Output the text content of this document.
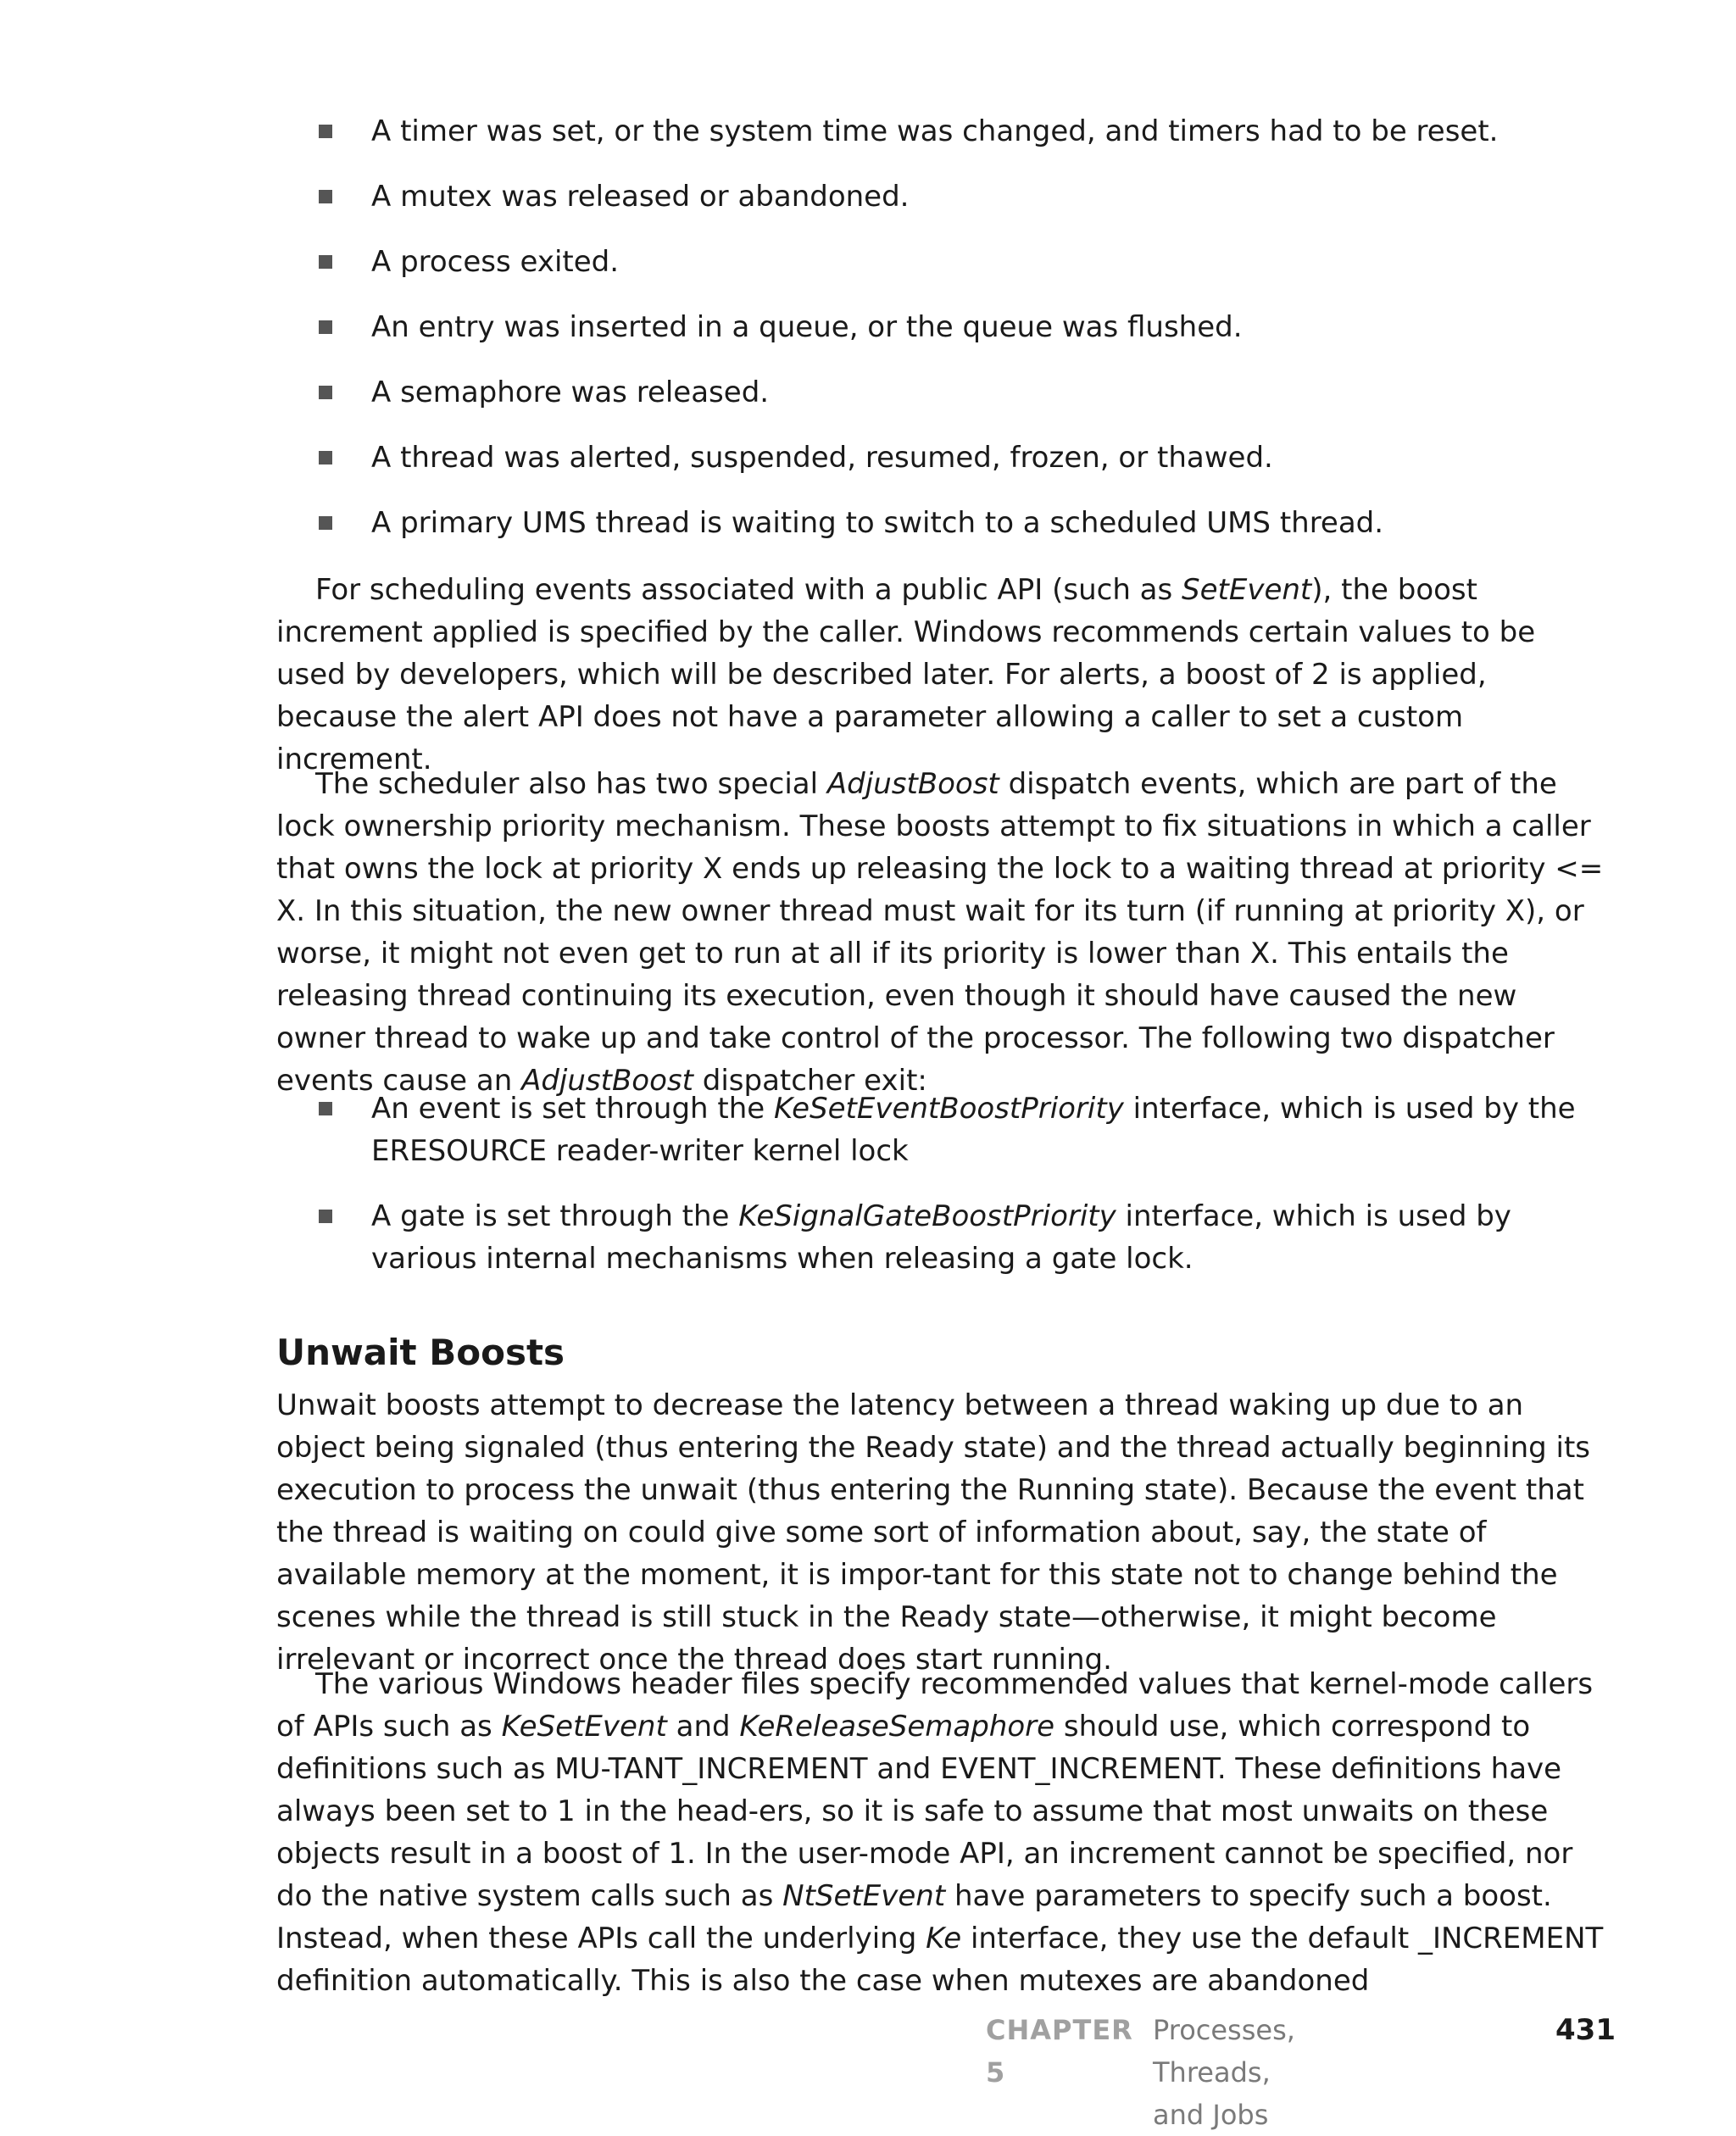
A timer was set, or the system time was changed, and timers had to be reset.
A mutex was released or abandoned.
A process exited.
An entry was inserted in a queue, or the queue was flushed.
A semaphore was released.
A thread was alerted, suspended, resumed, frozen, or thawed.
A primary UMS thread is waiting to switch to a scheduled UMS thread.

For scheduling events associated with a public API (such as SetEvent), the boost increment applied is specified by the caller. Windows recommends certain values to be used by developers, which will be described later. For alerts, a boost of 2 is applied, because the alert API does not have a parameter allowing a caller to set a custom increment.

The scheduler also has two special AdjustBoost dispatch events, which are part of the lock ownership priority mechanism. These boosts attempt to fix situations in which a caller that owns the lock at priority X ends up releasing the lock to a waiting thread at priority <= X. In this situation, the new owner thread must wait for its turn (if running at priority X), or worse, it might not even get to run at all if its priority is lower than X. This entails the releasing thread continuing its execution, even though it should have caused the new owner thread to wake up and take control of the processor. The following two dispatcher events cause an AdjustBoost dispatcher exit:

An event is set through the KeSetEventBoostPriority interface, which is used by the ERESOURCE reader-writer kernel lock
A gate is set through the KeSignalGateBoostPriority interface, which is used by various internal mechanisms when releasing a gate lock.
Unwait Boosts

Unwait boosts attempt to decrease the latency between a thread waking up due to an object being signaled (thus entering the Ready state) and the thread actually beginning its execution to process the unwait (thus entering the Running state). Because the event that the thread is waiting on could give some sort of information about, say, the state of available memory at the moment, it is impor-tant for this state not to change behind the scenes while the thread is still stuck in the Ready state—otherwise, it might become irrelevant or incorrect once the thread does start running.

The various Windows header files specify recommended values that kernel-mode callers of APIs such as KeSetEvent and KeReleaseSemaphore should use, which correspond to definitions such as MU-TANT_INCREMENT and EVENT_INCREMENT. These definitions have always been set to 1 in the head-ers, so it is safe to assume that most unwaits on these objects result in a boost of 1. In the user-mode API, an increment cannot be specified, nor do the native system calls such as NtSetEvent have parameters to specify such a boost. Instead, when these APIs call the underlying Ke interface, they use the default _INCREMENT definition automatically. This is also the case when mutexes are abandoned

CHAPTER 5
Processes, Threads, and Jobs
431
